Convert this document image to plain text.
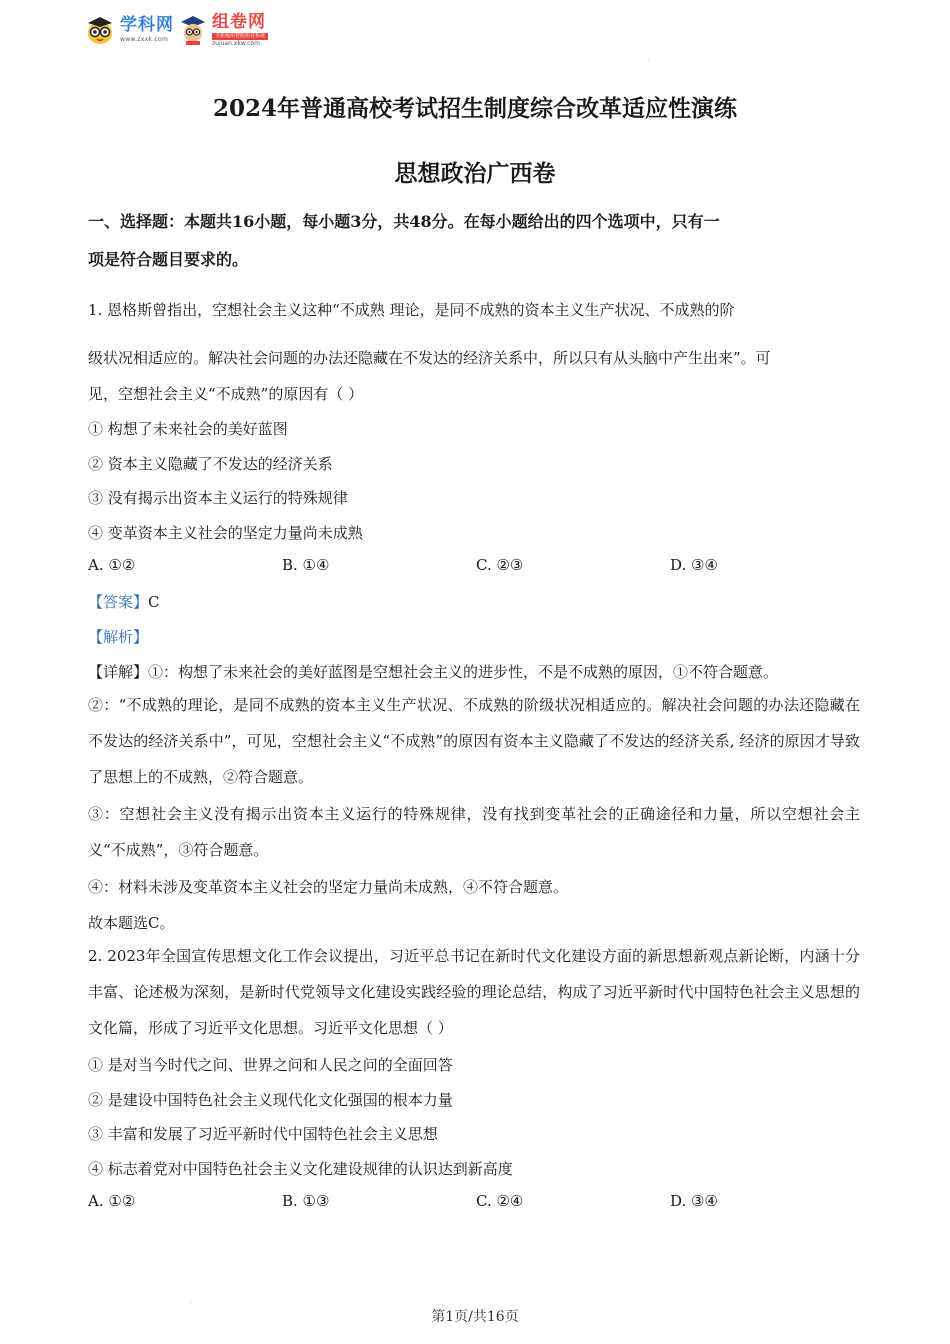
学科网
www.zxxk.com
组卷网
全新题库智能组卷系统
zujuan.xkw.com
·
2024年普通高校考试招生制度综合改革适应性演练
思想政治广西卷
一、选择题：本题共16小题，每小题3分，共48分。在每小题给出的四个选项中，只有一
项是符合题目要求的。
1. 恩格斯曾指出，空想社会主义这种“不成熟 理论，是同不成熟的资本主义生产状况、不成熟的阶
级状况相适应的。解决社会问题的办法还隐藏在不发达的经济关系中，所以只有从头脑中产生出来”。可
见，空想社会主义“不成熟”的原因有（ ）
① 构想了未来社会的美好蓝图
② 资本主义隐藏了不发达的经济关系
③ 没有揭示出资本主义运行的特殊规律
④ 变革资本主义社会的坚定力量尚未成熟
A. ①②	B. ①④	C. ②③	D. ③④
【答案】C
【解析】
【详解】①：构想了未来社会的美好蓝图是空想社会主义的进步性，不是不成熟的原因，①不符合题意。

②：“不成熟的理论，是同不成熟的资本主义生产状况、不成熟的阶级状况相适应的。解决社会问题的办法还隐藏在不发达的经济关系中”，可见，空想社会主义“不成熟”的原因有资本主义隐藏了不发达的经济关系, 经济的原因才导致了思想上的不成熟，②符合题意。

③：空想社会主义没有揭示出资本主义运行的特殊规律，没有找到变革社会的正确途径和力量，所以空想社会主义“不成熟”，③符合题意。

④：材料未涉及变革资本主义社会的坚定力量尚未成熟，④不符合题意。
故本题选C。

2. 2023年全国宣传思想文化工作会议提出，习近平总书记在新时代文化建设方面的新思想新观点新论断，内涵十分丰富、论述极为深刻，是新时代党领导文化建设实践经验的理论总结，构成了习近平新时代中国特色社会主义思想的文化篇，形成了习近平文化思想。习近平文化思想（ ）

① 是对当今时代之问、世界之问和人民之问的全面回答
② 是建设中国特色社会主义现代化文化强国的根本力量
③ 丰富和发展了习近平新时代中国特色社会主义思想
④ 标志着党对中国特色社会主义文化建设规律的认识达到新高度
A. ①②	B. ①③	C. ②④	D. ③④
·
第1页/共16页
